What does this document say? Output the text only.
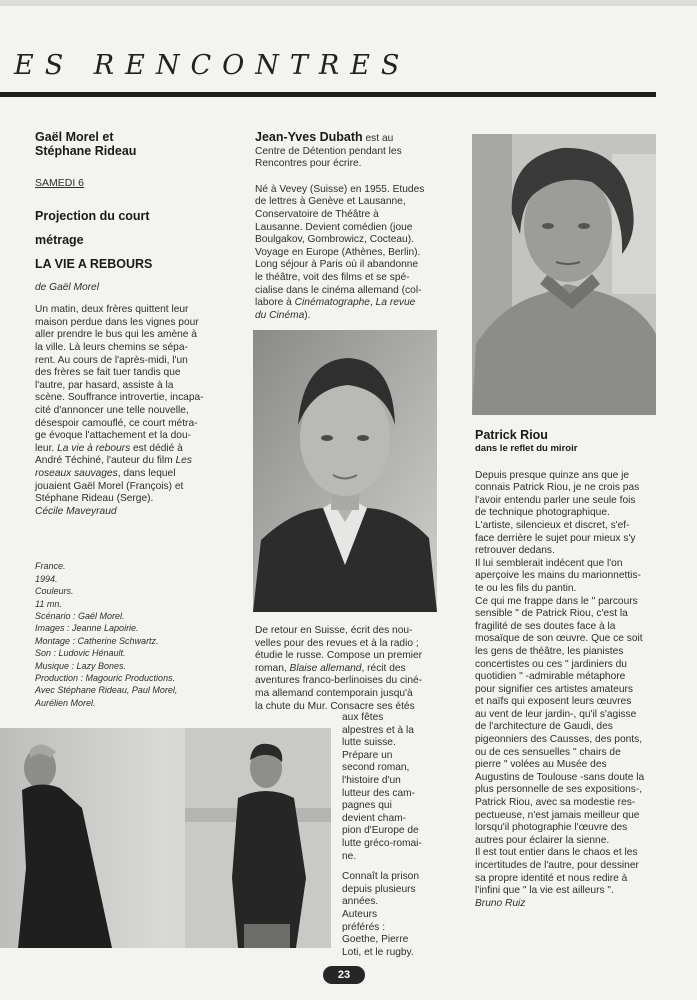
ES RENCONTRES
Gaël Morel et
Stéphane Rideau
SAMEDI 6
Projection du court
métrage
LA VIE A REBOURS
de Gaël Morel
Un matin, deux frères quittent leur
maison perdue dans les vignes pour
aller prendre le bus qui les amène à
la ville. Là leurs chemins se sépa-
rent. Au cours de l'après-midi, l'un
des frères se fait tuer tandis que
l'autre, par hasard, assiste à la
scène. Souffrance introvertie, incapa-
cité d'annoncer une telle nouvelle,
désespoir camouflé, ce court métra-
ge évoque l'attachement et la dou-
leur. La vie à rebours est dédié à
André Téchiné, l'auteur du film Les
roseaux sauvages, dans lequel
jouaient Gaël Morel (François) et
Stéphane Rideau (Serge).
Cécile Maveyraud
France.
1994.
Couleurs.
11 mn.
Scénario : Gaël Morel.
Images : Jeanne Lapoirie.
Montage : Catherine Schwartz.
Son : Ludovic Hénault.
Musique : Lazy Bones.
Production : Magouric Productions.
Avec Stéphane Rideau, Paul Morel,
Aurélien Morel.
Jean-Yves Dubath est au
Centre de Détention pendant les
Rencontres pour écrire.
Né à Vevey (Suisse) en 1955. Etudes
de lettres à Genève et Lausanne,
Conservatoire de Théâtre à
Lausanne. Devient comédien (joue
Boulgakov, Gombrowicz, Cocteau).
Voyage en Europe (Athènes, Berlin).
Long séjour à Paris où il abandonne
le théâtre, voit des films et se spé-
cialise dans le cinéma allemand (col-
labore à Cinématographe, La revue
du Cinéma).
De retour en Suisse, écrit des nou-
velles pour des revues et à la radio ;
étudie le russe. Compose un premier
roman, Blaise allemand, récit des
aventures franco-berlinoises du ciné-
ma allemand contemporain jusqu'à
la chute du Mur. Consacre ses étés
aux fêtes
alpestres et à la
lutte suisse.
Prépare un
second roman,
l'histoire d'un
lutteur des cam-
pagnes qui
devient cham-
pion d'Europe de
lutte gréco-romai-
ne.
Connaît la prison
depuis plusieurs
années.
Auteurs
préférés :
Goethe, Pierre
Loti, et le rugby.
Patrick Riou
dans le reflet du miroir
Depuis presque quinze ans que je
connais Patrick Riou, je ne crois pas
l'avoir entendu parler une seule fois
de technique photographique.
L'artiste, silencieux et discret, s'ef-
face derrière le sujet pour mieux s'y
retrouver dedans.
Il lui semblerait indécent que l'on
aperçoive les mains du marionnettis-
te ou les fils du pantin.
Ce qui me frappe dans le " parcours
sensible " de Patrick Riou, c'est la
fragilité de ses doutes face à la
mosaïque de son œuvre. Que ce soit
les gens de théâtre, les pianistes
concertistes ou ces " jardiniers du
quotidien " -admirable métaphore
pour signifier ces artistes amateurs
et naïfs qui exposent leurs œuvres
au vent de leur jardin-, qu'il s'agisse
de l'architecture de Gaudi, des
pigeonniers des Causses, des ponts,
ou de ces sensuelles " chairs de
pierre " volées au Musée des
Augustins de Toulouse -sans doute la
plus personnelle de ses expositions-,
Patrick Riou, avec sa modestie res-
pectueuse, n'est jamais meilleur que
lorsqu'il photographie l'œuvre des
autres pour éclairer la sienne.
Il est tout entier dans le chaos et les
incertitudes de l'autre, pour dessiner
sa propre identité et nous redire à
l'infini que " la vie est ailleurs ".
Bruno Ruiz
23
